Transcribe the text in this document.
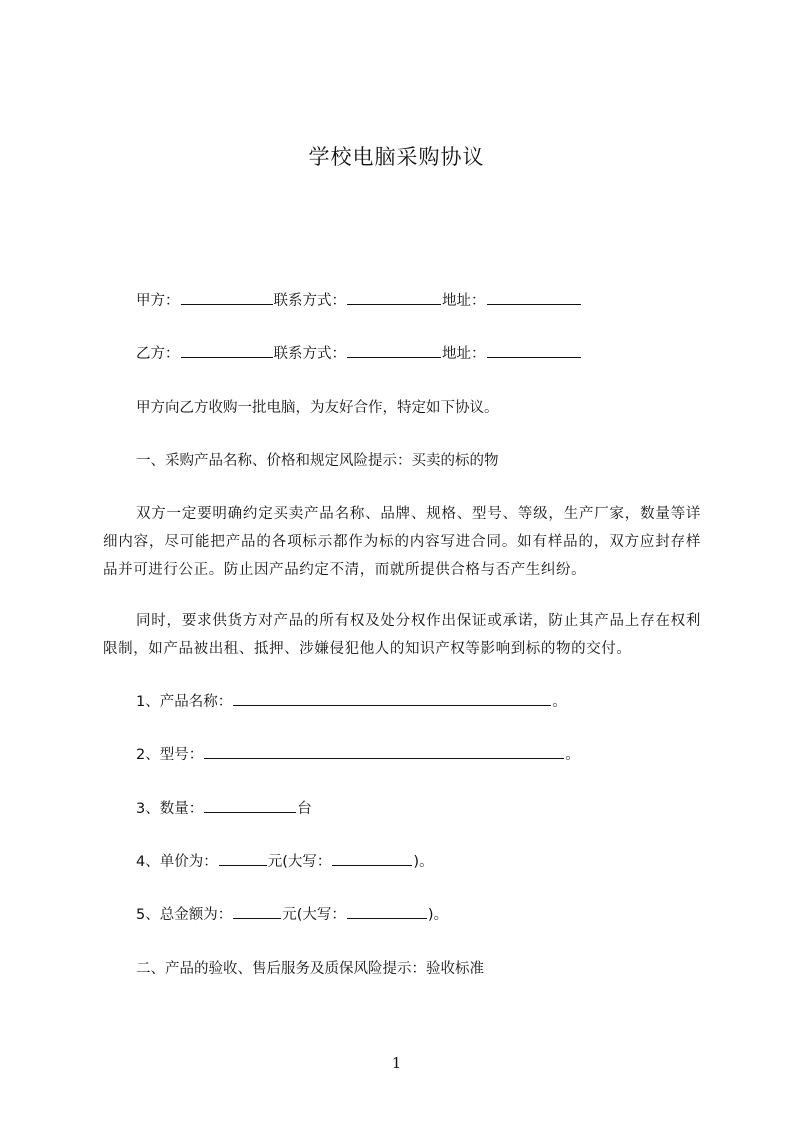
学校电脑采购协议
甲方：	联系方式：	地址：
乙方：	联系方式：	地址：
甲方向乙方收购一批电脑，为友好合作，特定如下协议。
一、采购产品名称、价格和规定风险提示：买卖的标的物
双方一定要明确约定买卖产品名称、品牌、规格、型号、等级，生产厂家，数量等详细内容，尽可能把产品的各项标示都作为标的内容写进合同。如有样品的，双方应封存样品并可进行公正。防止因产品约定不清，而就所提供合格与否产生纠纷。
同时，要求供货方对产品的所有权及处分权作出保证或承诺，防止其产品上存在权利限制，如产品被出租、抵押、涉嫌侵犯他人的知识产权等影响到标的物的交付。
1、产品名称：	。
2、型号：	。
3、数量：	台
4、单价为：	元(大写：	)。
5、总金额为：	元(大写：	)。
二、产品的验收、售后服务及质保风险提示：验收标准
1
